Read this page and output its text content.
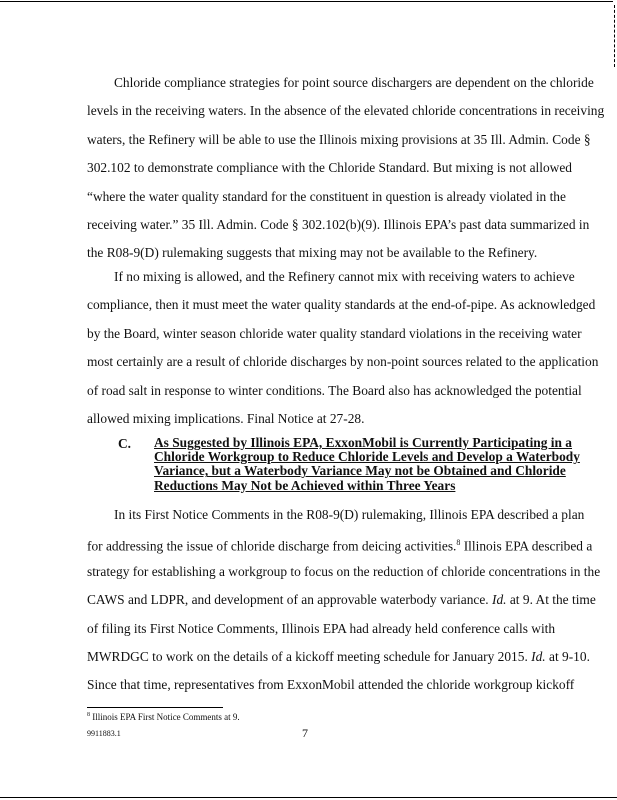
Chloride compliance strategies for point source dischargers are dependent on the chloride
levels in the receiving waters. In the absence of the elevated chloride concentrations in receiving
waters, the Refinery will be able to use the Illinois mixing provisions at 35 Ill. Admin. Code §
302.102 to demonstrate compliance with the Chloride Standard. But mixing is not allowed
“where the water quality standard for the constituent in question is already violated in the
receiving water.” 35 Ill. Admin. Code § 302.102(b)(9). Illinois EPA’s past data summarized in
the R08-9(D) rulemaking suggests that mixing may not be available to the Refinery.
If no mixing is allowed, and the Refinery cannot mix with receiving waters to achieve
compliance, then it must meet the water quality standards at the end-of-pipe. As acknowledged
by the Board, winter season chloride water quality standard violations in the receiving water
most certainly are a result of chloride discharges by non-point sources related to the application
of road salt in response to winter conditions. The Board also has acknowledged the potential
allowed mixing implications. Final Notice at 27-28.
C. As Suggested by Illinois EPA, ExxonMobil is Currently Participating in a
Chloride Workgroup to Reduce Chloride Levels and Develop a Waterbody
Variance, but a Waterbody Variance May not be Obtained and Chloride
Reductions May Not be Achieved within Three Years
In its First Notice Comments in the R08-9(D) rulemaking, Illinois EPA described a plan
for addressing the issue of chloride discharge from deicing activities.$^8$ Illinois EPA described a
strategy for establishing a workgroup to focus on the reduction of chloride concentrations in the
CAWS and LDPR, and development of an approvable waterbody variance. Id. at 9. At the time
of filing its First Notice Comments, Illinois EPA had already held conference calls with
MWRDGC to work on the details of a kickoff meeting schedule for January 2015. Id. at 9-10.
Since that time, representatives from ExxonMobil attended the chloride workgroup kickoff
$^8$ Illinois EPA First Notice Comments at 9.
9911883.1	7
